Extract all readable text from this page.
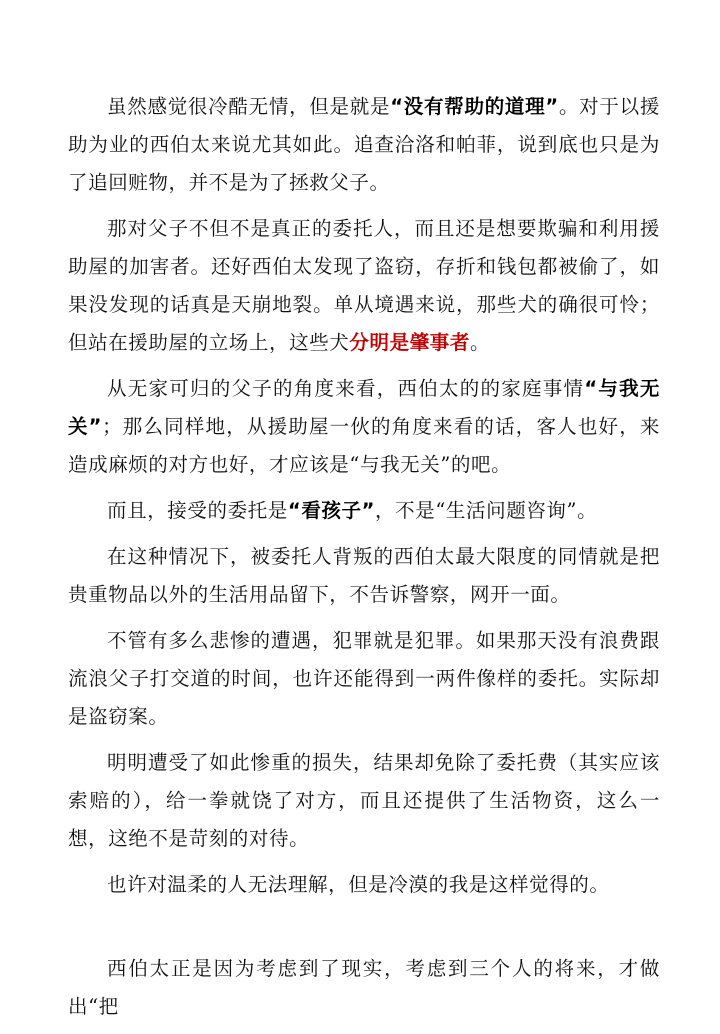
虽然感觉很冷酷无情，但是就是“没有帮助的道理”。对于以援助为业的西伯太来说尤其如此。追查洽洛和帕菲，说到底也只是为了追回赃物，并不是为了拯救父子。

那对父子不但不是真正的委托人，而且还是想要欺骗和利用援助屋的加害者。还好西伯太发现了盗窃，存折和钱包都被偷了，如果没发现的话真是天崩地裂。单从境遇来说，那些犬的确很可怜；但站在援助屋的立场上，这些犬分明是肇事者。

从无家可归的父子的角度来看，西伯太的的家庭事情“与我无关”；那么同样地，从援助屋一伙的角度来看的话，客人也好，来造成麻烦的对方也好，才应该是“与我无关”的吧。

而且，接受的委托是“看孩子”，不是“生活问题咨询”。

在这种情况下，被委托人背叛的西伯太最大限度的同情就是把贵重物品以外的生活用品留下，不告诉警察，网开一面。

不管有多么悲惨的遭遇，犯罪就是犯罪。如果那天没有浪费跟流浪父子打交道的时间，也许还能得到一两件像样的委托。实际却是盗窃案。

明明遭受了如此惨重的损失，结果却免除了委托费（其实应该索赔的），给一拳就饶了对方，而且还提供了生活物资，这么一想，这绝不是苛刻的对待。

也许对温柔的人无法理解，但是冷漠的我是这样觉得的。

西伯太正是因为考虑到了现实，考虑到三个人的将来，才做出“把
